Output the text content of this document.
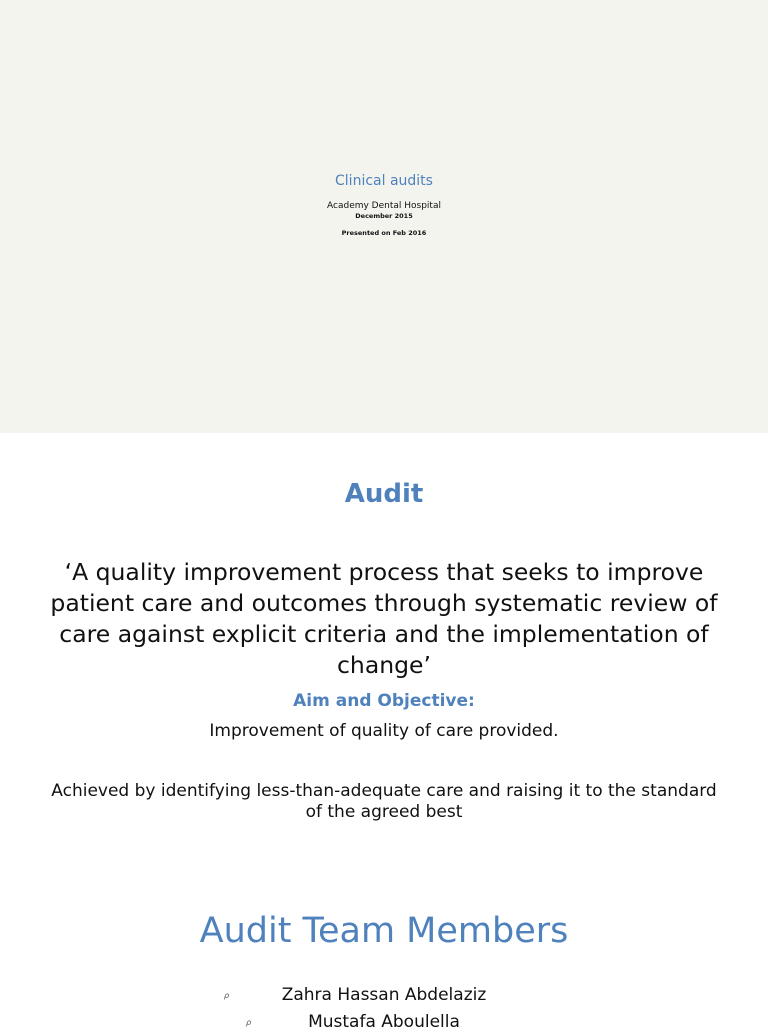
Clinical audits
Academy Dental Hospital
December 2015
Presented on Feb 2016
Audit
‘A quality improvement process that seeks to improve patient care and outcomes through systematic review of care against explicit criteria and the implementation of change’
Aim and Objective:
Improvement of quality of care provided.
Achieved by identifying less-than-adequate care and raising it to the standard of the agreed best
Audit Team Members
ρ	Zahra Hassan Abdelaziz
ρ	Mustafa Aboulella
